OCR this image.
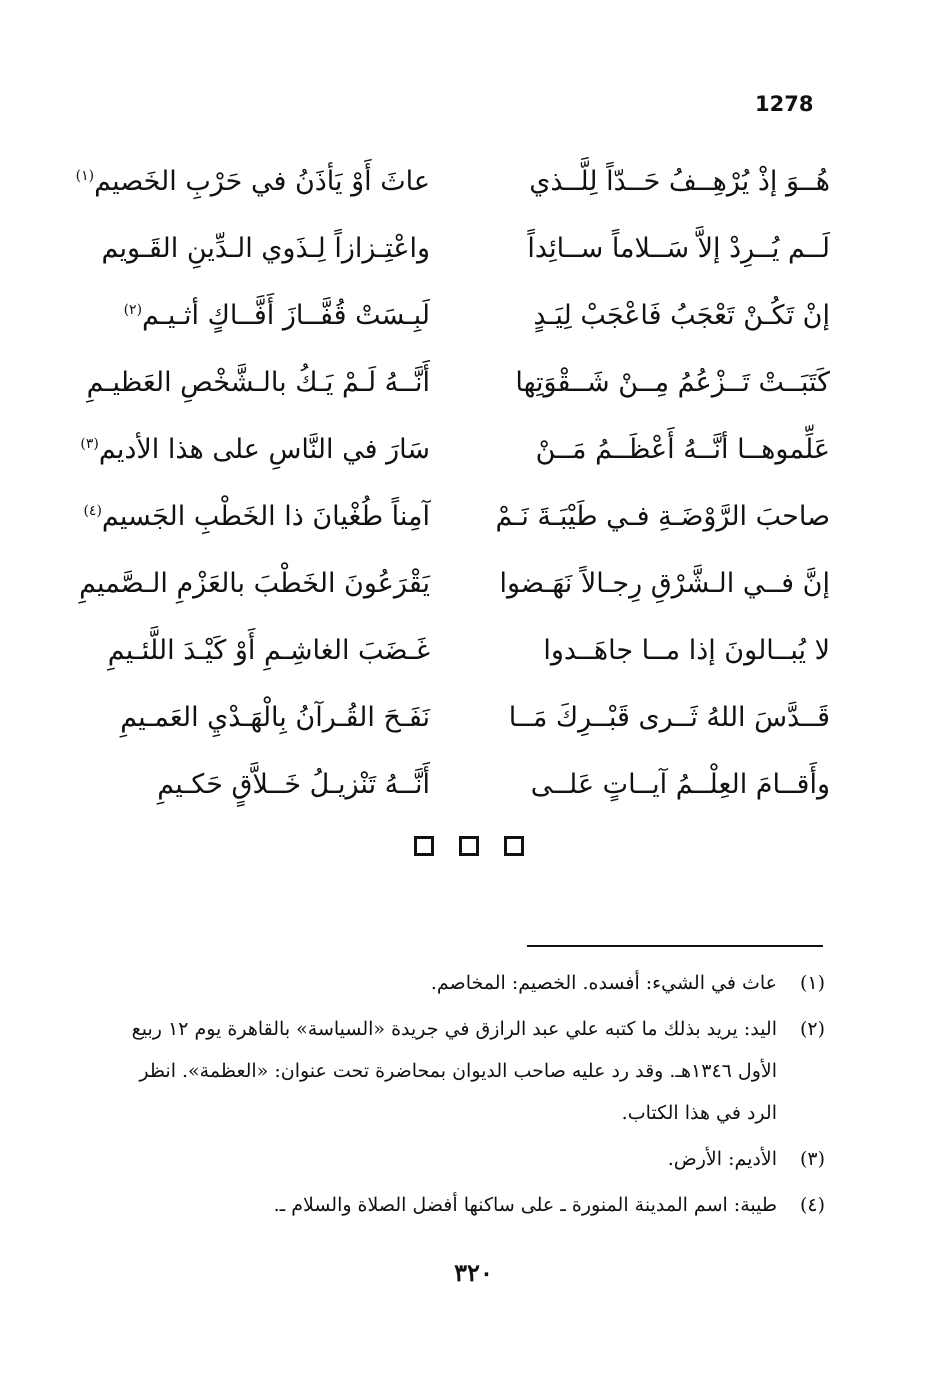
1278
هُــوَ إذْ يُرْهِــفُ حَــدّاً لِلَّــذي
عاثَ أَوْ يَأذَنُ في حَرْبِ الخَصيم$^{(١)}$
لَــم يُــرِدْ إلاَّ سَــلاماً ســائِداً
واعْتِـزازاً لِـذَوي الـدِّينِ القَـويم
إنْ تَكُـنْ تَعْجَبُ فَاعْجَبْ لِيَـدٍ
لَبِـسَتْ قُفَّــازَ أَفَّــاكٍ أثـيـم$^{(٢)}$
كَتَبَــتْ تَــزْعُمُ مِــنْ شَــقْوَتِها
أَنَّــهُ لَـمْ يَـكُ بالـشَّخْصِ العَظيـمِ
عَلِّموهــا أنَّــهُ أَعْظَــمُ مَــنْ
سَارَ في النَّاسِ على هذا الأديم$^{(٣)}$
صاحبَ الرَّوْضَـةِ فـي طَيْبَـةَ نَـمْ
آمِناً طُغْيانَ ذا الخَطْبِ الجَسيم$^{(٤)}$
إنَّ فــي الـشَّرْقِ رِجـالاً نَهَـضوا
يَقْرَعُونَ الخَطْبَ بالعَزْمِ الـصَّميمِ
لا يُبــالونَ إذا مــا جاهَــدوا
غَـضَبَ الغاشِـمِ أَوْ كَيْـدَ اللَّئـيمِ
قَــدَّسَ اللهُ ثَــرى قَبْــرِكَ مَــا
نَفَـحَ القُـرآنُ بِالْهَـدْيِ العَمـيمِ
وأَقــامَ العِلْــمُ آيــاتٍ عَلــى
أَنَّــهُ تَنْزيـلُ خَــلاَّقٍ حَكـيمِ
(١)
عاث في الشيء: أفسده. الخصيم: المخاصم.
(٢)
اليد: يريد بذلك ما كتبه علي عبد الرازق في جريدة «السياسة» بالقاهرة يوم ١٢ ربيع الأول ١٣٤٦هـ. وقد رد عليه صاحب الديوان بمحاضرة تحت عنوان: «العظمة». انظر الرد في هذا الكتاب.
(٣)
الأديم: الأرض.
(٤)
طيبة: اسم المدينة المنورة ـ على ساكنها أفضل الصلاة والسلام ـ.
٣٢٠
